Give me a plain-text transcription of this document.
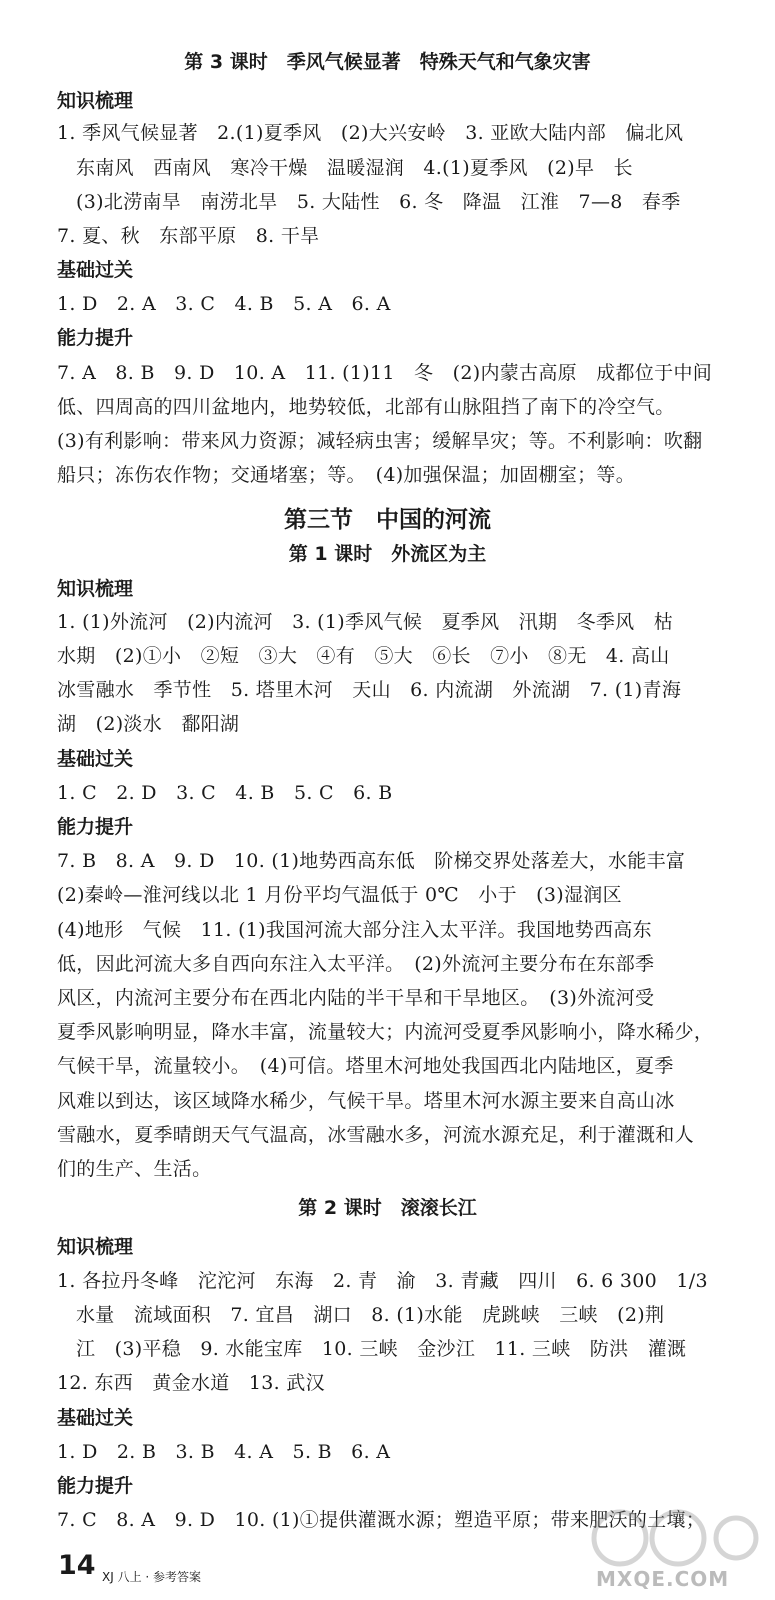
第 3 课时　季风气候显著　特殊天气和气象灾害
知识梳理
1. 季风气候显著　2.(1)夏季风　(2)大兴安岭　3. 亚欧大陆内部　偏北风
东南风　西南风　寒冷干燥　温暖湿润　4.(1)夏季风　(2)早　长
(3)北涝南旱　南涝北旱　5. 大陆性　6. 冬　降温　江淮　7—8　春季
7. 夏、秋　东部平原　8. 干旱
基础过关
1. D　2. A　3. C　4. B　5. A　6. A
能力提升
7. A　8. B　9. D　10. A　11. (1)11　冬　(2)内蒙古高原　成都位于中间
低、四周高的四川盆地内，地势较低，北部有山脉阻挡了南下的冷空气。
(3)有利影响：带来风力资源；减轻病虫害；缓解旱灾；等。不利影响：吹翻
船只；冻伤农作物；交通堵塞；等。　(4)加强保温；加固棚室；等。
第三节　中国的河流
第 1 课时　外流区为主
知识梳理
1. (1)外流河　(2)内流河　3. (1)季风气候　夏季风　汛期　冬季风　枯
水期　(2)①小　②短　③大　④有　⑤大　⑥长　⑦小　⑧无　4. 高山
冰雪融水　季节性　5. 塔里木河　天山　6. 内流湖　外流湖　7. (1)青海
湖　(2)淡水　鄱阳湖
基础过关
1. C　2. D　3. C　4. B　5. C　6. B
能力提升
7. B　8. A　9. D　10. (1)地势西高东低　阶梯交界处落差大，水能丰富
(2)秦岭—淮河线以北 1 月份平均气温低于 0℃　小于　(3)湿润区
(4)地形　气候　11. (1)我国河流大部分注入太平洋。我国地势西高东
低，因此河流大多自西向东注入太平洋。　(2)外流河主要分布在东部季
风区，内流河主要分布在西北内陆的半干旱和干旱地区。　(3)外流河受
夏季风影响明显，降水丰富，流量较大；内流河受夏季风影响小，降水稀少，
气候干旱，流量较小。　(4)可信。塔里木河地处我国西北内陆地区，夏季
风难以到达，该区域降水稀少，气候干旱。塔里木河水源主要来自高山冰
雪融水，夏季晴朗天气气温高，冰雪融水多，河流水源充足，利于灌溉和人
们的生产、生活。
第 2 课时　滚滚长江
知识梳理
1. 各拉丹冬峰　沱沱河　东海　2. 青　渝　3. 青藏　四川　6. 6 300　1/3
水量　流域面积　7. 宜昌　湖口　8. (1)水能　虎跳峡　三峡　(2)荆
江　(3)平稳　9. 水能宝库　10. 三峡　金沙江　11. 三峡　防洪　灌溉
12. 东西　黄金水道　13. 武汉
基础过关
1. D　2. B　3. B　4. A　5. B　6. A
能力提升
7. C　8. A　9. D　10. (1)①提供灌溉水源；塑造平原；带来肥沃的土壤；
14 XJ 八上 · 参考答案	MXQE.COM
